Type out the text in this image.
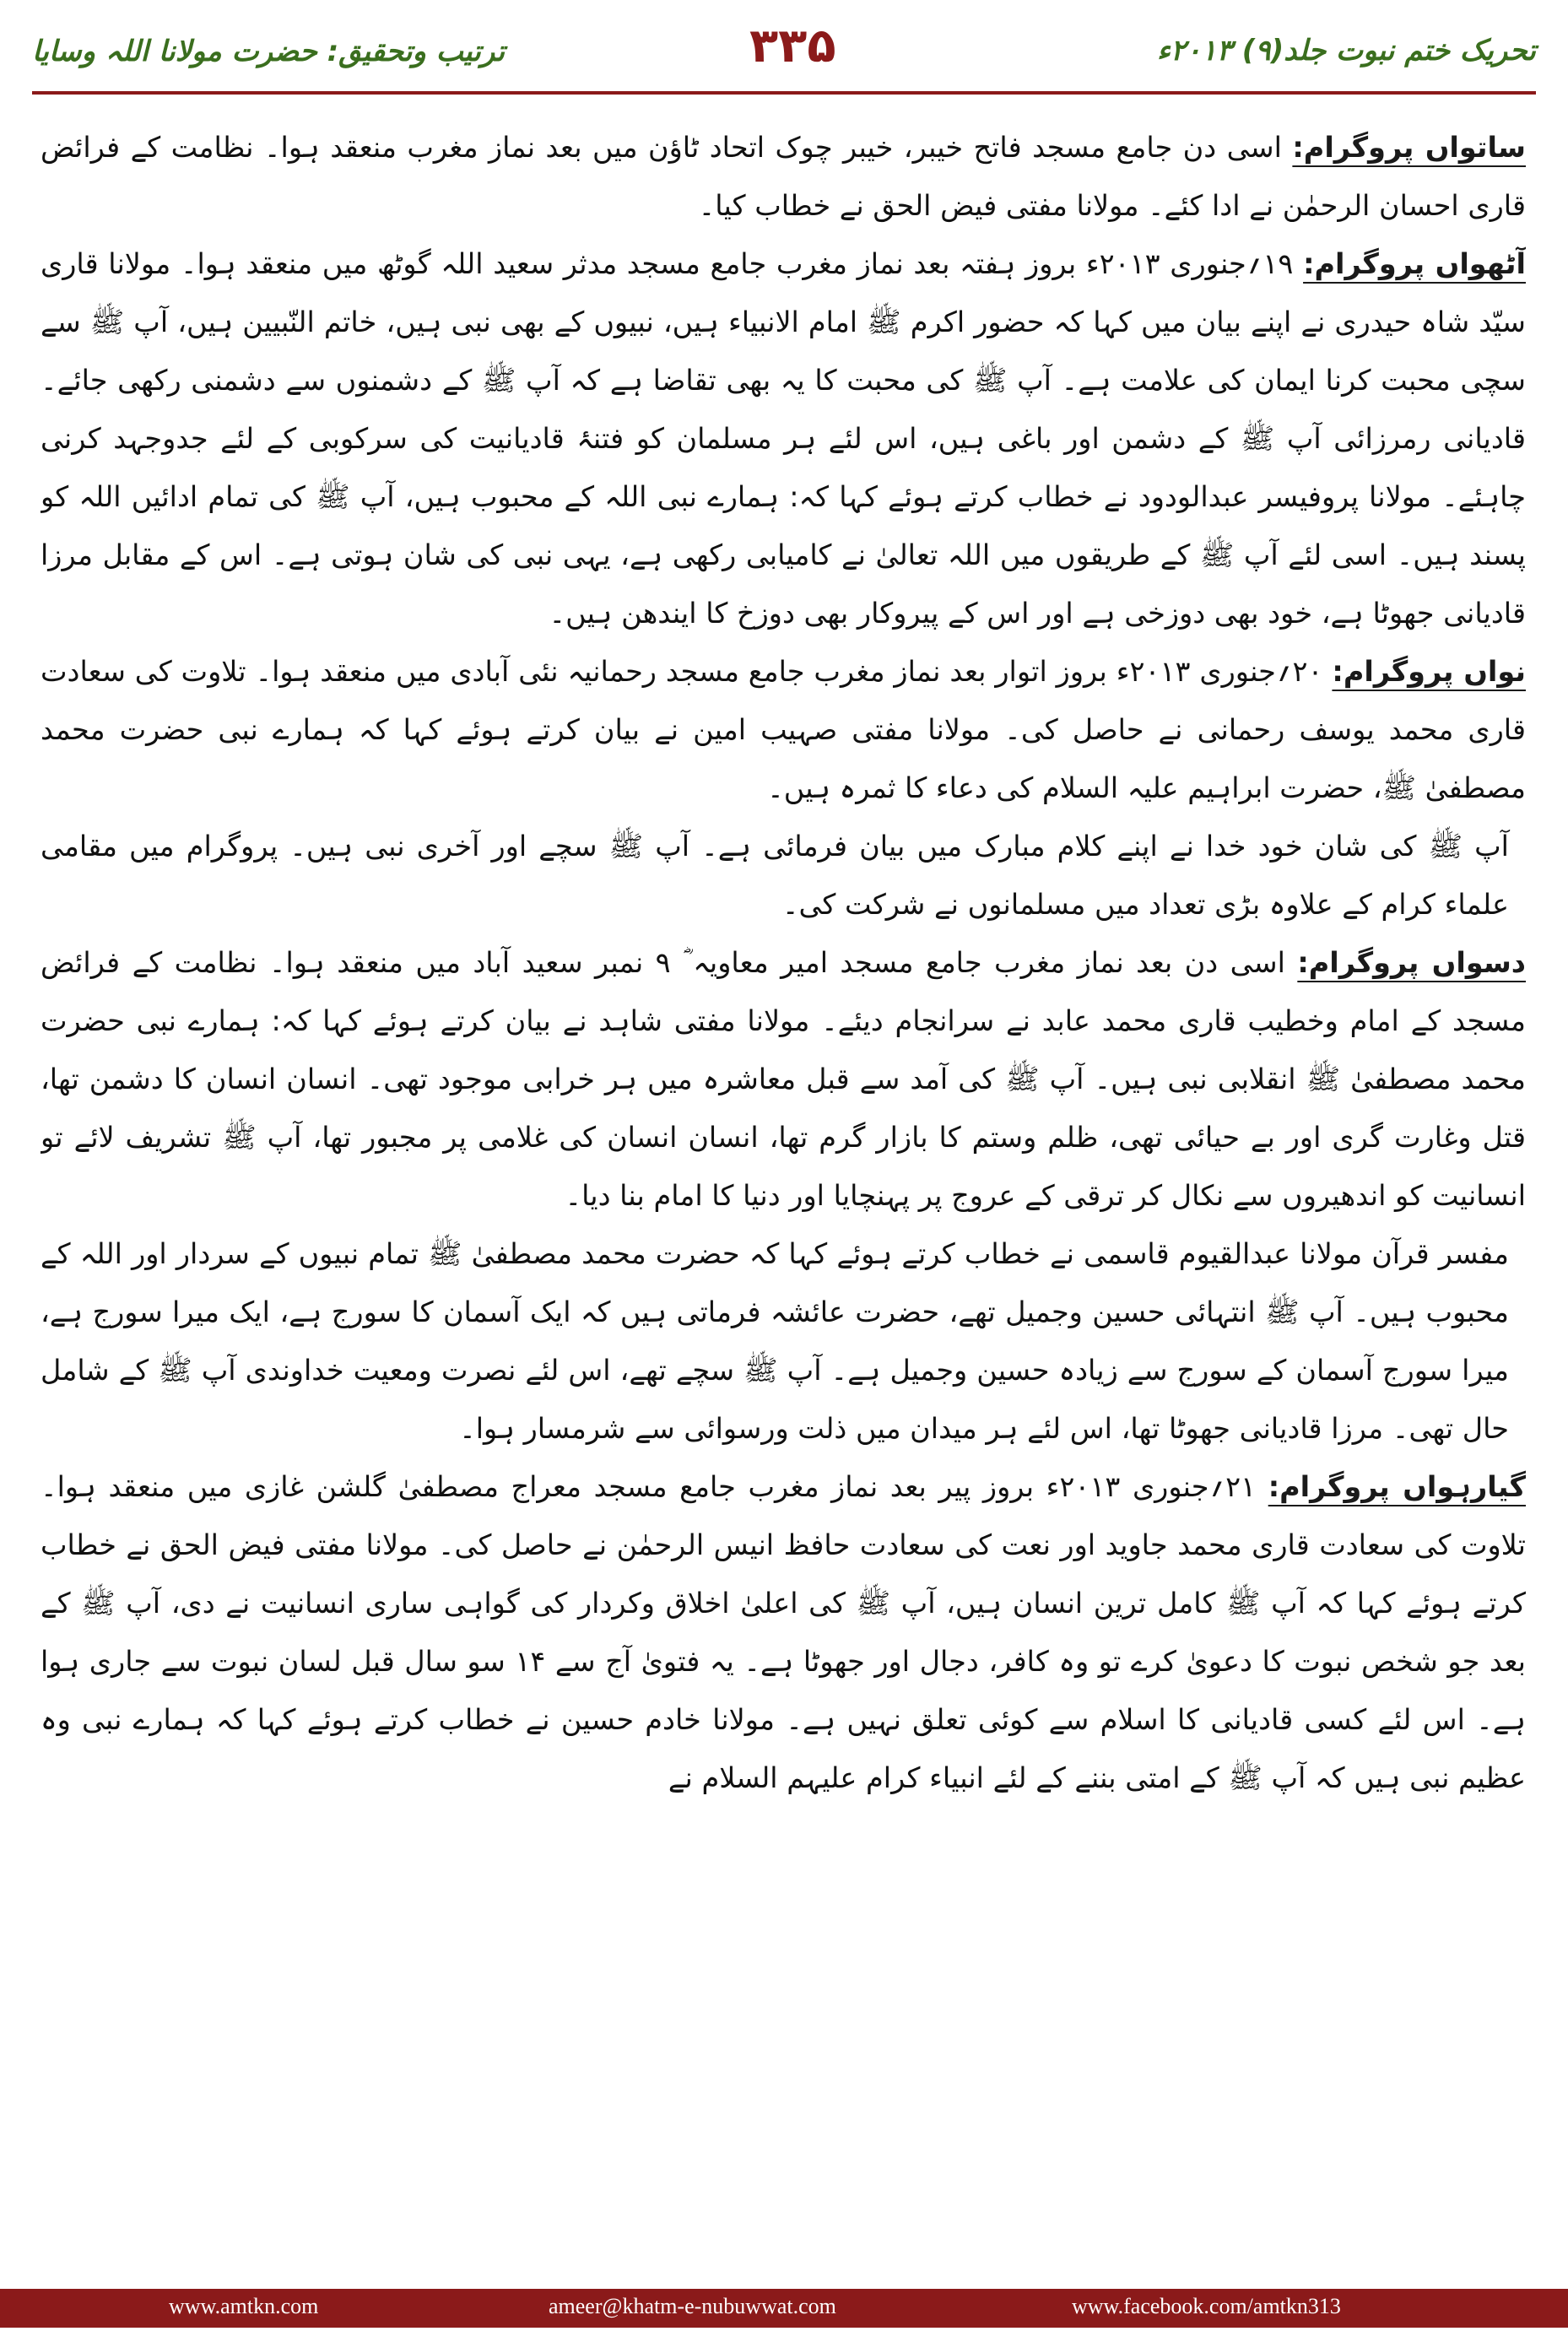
تحریک ختم نبوت جلد(۹) ۲۰۱۳ء
۳۳۵
ترتیب وتحقیق: حضرت مولانا اللہ وسایا

ساتواں پروگرام: اسی دن جامع مسجد فاتح خیبر، خیبر چوک اتحاد ٹاؤن میں بعد نماز مغرب منعقد ہوا۔ نظامت کے فرائض قاری احسان الرحمٰن نے ادا کئے۔ مولانا مفتی فیض الحق نے خطاب کیا۔

آٹھواں پروگرام: ۱۹؍جنوری ۲۰۱۳ء بروز ہفتہ بعد نماز مغرب جامع مسجد مدثر سعید اللہ گوٹھ میں منعقد ہوا۔ مولانا قاری سیّد شاہ حیدری نے اپنے بیان میں کہا کہ حضور اکرم ﷺ امام الانبیاء ہیں، نبیوں کے بھی نبی ہیں، خاتم النّبیین ہیں، آپ ﷺ سے سچی محبت کرنا ایمان کی علامت ہے۔ آپ ﷺ کی محبت کا یہ بھی تقاضا ہے کہ آپ ﷺ کے دشمنوں سے دشمنی رکھی جائے۔ قادیانی رمرزائی آپ ﷺ کے دشمن اور باغی ہیں، اس لئے ہر مسلمان کو فتنۂ قادیانیت کی سرکوبی کے لئے جدوجہد کرنی چاہئے۔ مولانا پروفیسر عبدالودود نے خطاب کرتے ہوئے کہا کہ: ہمارے نبی اللہ کے محبوب ہیں، آپ ﷺ کی تمام ادائیں اللہ کو پسند ہیں۔ اسی لئے آپ ﷺ کے طریقوں میں اللہ تعالیٰ نے کامیابی رکھی ہے، یہی نبی کی شان ہوتی ہے۔ اس کے مقابل مرزا قادیانی جھوٹا ہے، خود بھی دوزخی ہے اور اس کے پیروکار بھی دوزخ کا ایندھن ہیں۔

نواں پروگرام: ۲۰؍جنوری ۲۰۱۳ء بروز اتوار بعد نماز مغرب جامع مسجد رحمانیہ نئی آبادی میں منعقد ہوا۔ تلاوت کی سعادت قاری محمد یوسف رحمانی نے حاصل کی۔ مولانا مفتی صہیب امین نے بیان کرتے ہوئے کہا کہ ہمارے نبی حضرت محمد مصطفیٰ ﷺ، حضرت ابراہیم علیہ السلام کی دعاء کا ثمرہ ہیں۔

آپ ﷺ کی شان خود خدا نے اپنے کلام مبارک میں بیان فرمائی ہے۔ آپ ﷺ سچے اور آخری نبی ہیں۔ پروگرام میں مقامی علماء کرام کے علاوہ بڑی تعداد میں مسلمانوں نے شرکت کی۔

دسواں پروگرام: اسی دن بعد نماز مغرب جامع مسجد امیر معاویہ ؓ ۹ نمبر سعید آباد میں منعقد ہوا۔ نظامت کے فرائض مسجد کے امام وخطیب قاری محمد عابد نے سرانجام دیئے۔ مولانا مفتی شاہد نے بیان کرتے ہوئے کہا کہ: ہمارے نبی حضرت محمد مصطفیٰ ﷺ انقلابی نبی ہیں۔ آپ ﷺ کی آمد سے قبل معاشرہ میں ہر خرابی موجود تھی۔ انسان انسان کا دشمن تھا، قتل وغارت گری اور بے حیائی تھی، ظلم وستم کا بازار گرم تھا، انسان انسان کی غلامی پر مجبور تھا، آپ ﷺ تشریف لائے تو انسانیت کو اندھیروں سے نکال کر ترقی کے عروج پر پہنچایا اور دنیا کا امام بنا دیا۔

مفسر قرآن مولانا عبدالقیوم قاسمی نے خطاب کرتے ہوئے کہا کہ حضرت محمد مصطفیٰ ﷺ تمام نبیوں کے سردار اور اللہ کے محبوب ہیں۔ آپ ﷺ انتہائی حسین وجمیل تھے، حضرت عائشہ فرماتی ہیں کہ ایک آسمان کا سورج ہے، ایک میرا سورج ہے، میرا سورج آسمان کے سورج سے زیادہ حسین وجمیل ہے۔ آپ ﷺ سچے تھے، اس لئے نصرت ومعیت خداوندی آپ ﷺ کے شامل حال تھی۔ مرزا قادیانی جھوٹا تھا، اس لئے ہر میدان میں ذلت ورسوائی سے شرمسار ہوا۔

گیارہواں پروگرام: ۲۱؍جنوری ۲۰۱۳ء بروز پیر بعد نماز مغرب جامع مسجد معراج مصطفیٰ گلشن غازی میں منعقد ہوا۔ تلاوت کی سعادت قاری محمد جاوید اور نعت کی سعادت حافظ انیس الرحمٰن نے حاصل کی۔ مولانا مفتی فیض الحق نے خطاب کرتے ہوئے کہا کہ آپ ﷺ کامل ترین انسان ہیں، آپ ﷺ کی اعلیٰ اخلاق وکردار کی گواہی ساری انسانیت نے دی، آپ ﷺ کے بعد جو شخص نبوت کا دعویٰ کرے تو وہ کافر، دجال اور جھوٹا ہے۔ یہ فتویٰ آج سے ۱۴ سو سال قبل لسان نبوت سے جاری ہوا ہے۔ اس لئے کسی قادیانی کا اسلام سے کوئی تعلق نہیں ہے۔ مولانا خادم حسین نے خطاب کرتے ہوئے کہا کہ ہمارے نبی وہ عظیم نبی ہیں کہ آپ ﷺ کے امتی بننے کے لئے انبیاء کرام علیہم السلام نے

www.amtkn.com	ameer@khatm-e-nubuwwat.com	www.facebook.com/amtkn313
